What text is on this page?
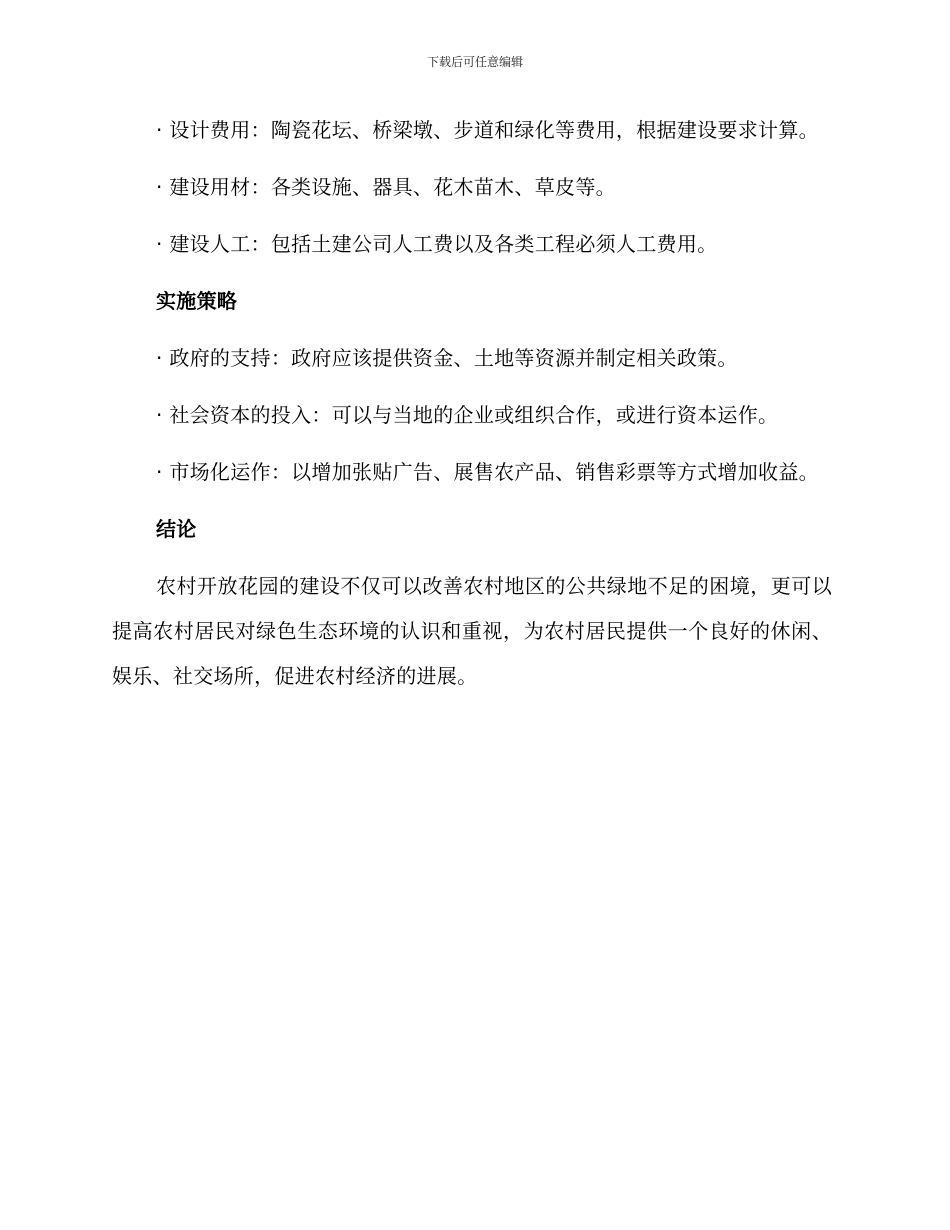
下载后可任意编辑

· 设计费用：陶瓷花坛、桥梁墩、步道和绿化等费用，根据建设要求计算。

· 建设用材：各类设施、器具、花木苗木、草皮等。

· 建设人工：包括土建公司人工费以及各类工程必须人工费用。

实施策略

· 政府的支持：政府应该提供资金、土地等资源并制定相关政策。

· 社会资本的投入：可以与当地的企业或组织合作，或进行资本运作。

· 市场化运作：以增加张贴广告、展售农产品、销售彩票等方式增加收益。

结论

农村开放花园的建设不仅可以改善农村地区的公共绿地不足的困境，更可以提高农村居民对绿色生态环境的认识和重视，为农村居民提供一个良好的休闲、娱乐、社交场所，促进农村经济的进展。
